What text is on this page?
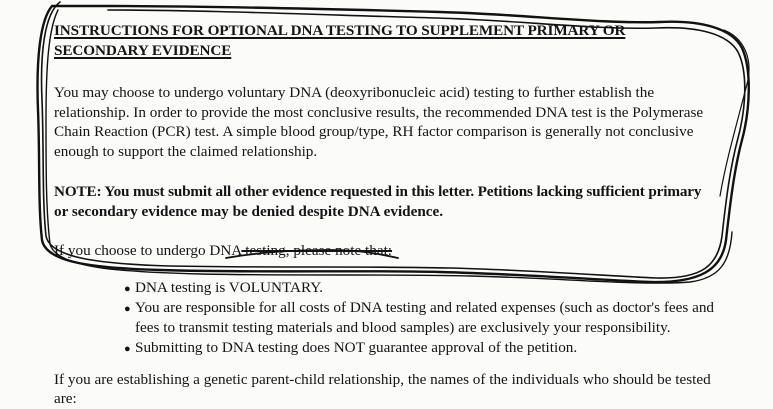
INSTRUCTIONS FOR OPTIONAL DNA TESTING TO SUPPLEMENT PRIMARY OR
SECONDARY EVIDENCE
You may choose to undergo voluntary DNA (deoxyribonucleic acid) testing to further establish the
relationship. In order to provide the most conclusive results, the recommended DNA test is the Polymerase
Chain Reaction (PCR) test. A simple blood group/type, RH factor comparison is generally not conclusive
enough to support the claimed relationship.
NOTE: You must submit all other evidence requested in this letter. Petitions lacking sufficient primary
or secondary evidence may be denied despite DNA evidence.
If you choose to undergo DNA testing, please note that:
● DNA testing is VOLUNTARY.
● You are responsible for all costs of DNA testing and related expenses (such as doctor's fees and
fees to transmit testing materials and blood samples) are exclusively your responsibility.
● Submitting to DNA testing does NOT guarantee approval of the petition.
If you are establishing a genetic parent-child relationship, the names of the individuals who should be tested
are:
